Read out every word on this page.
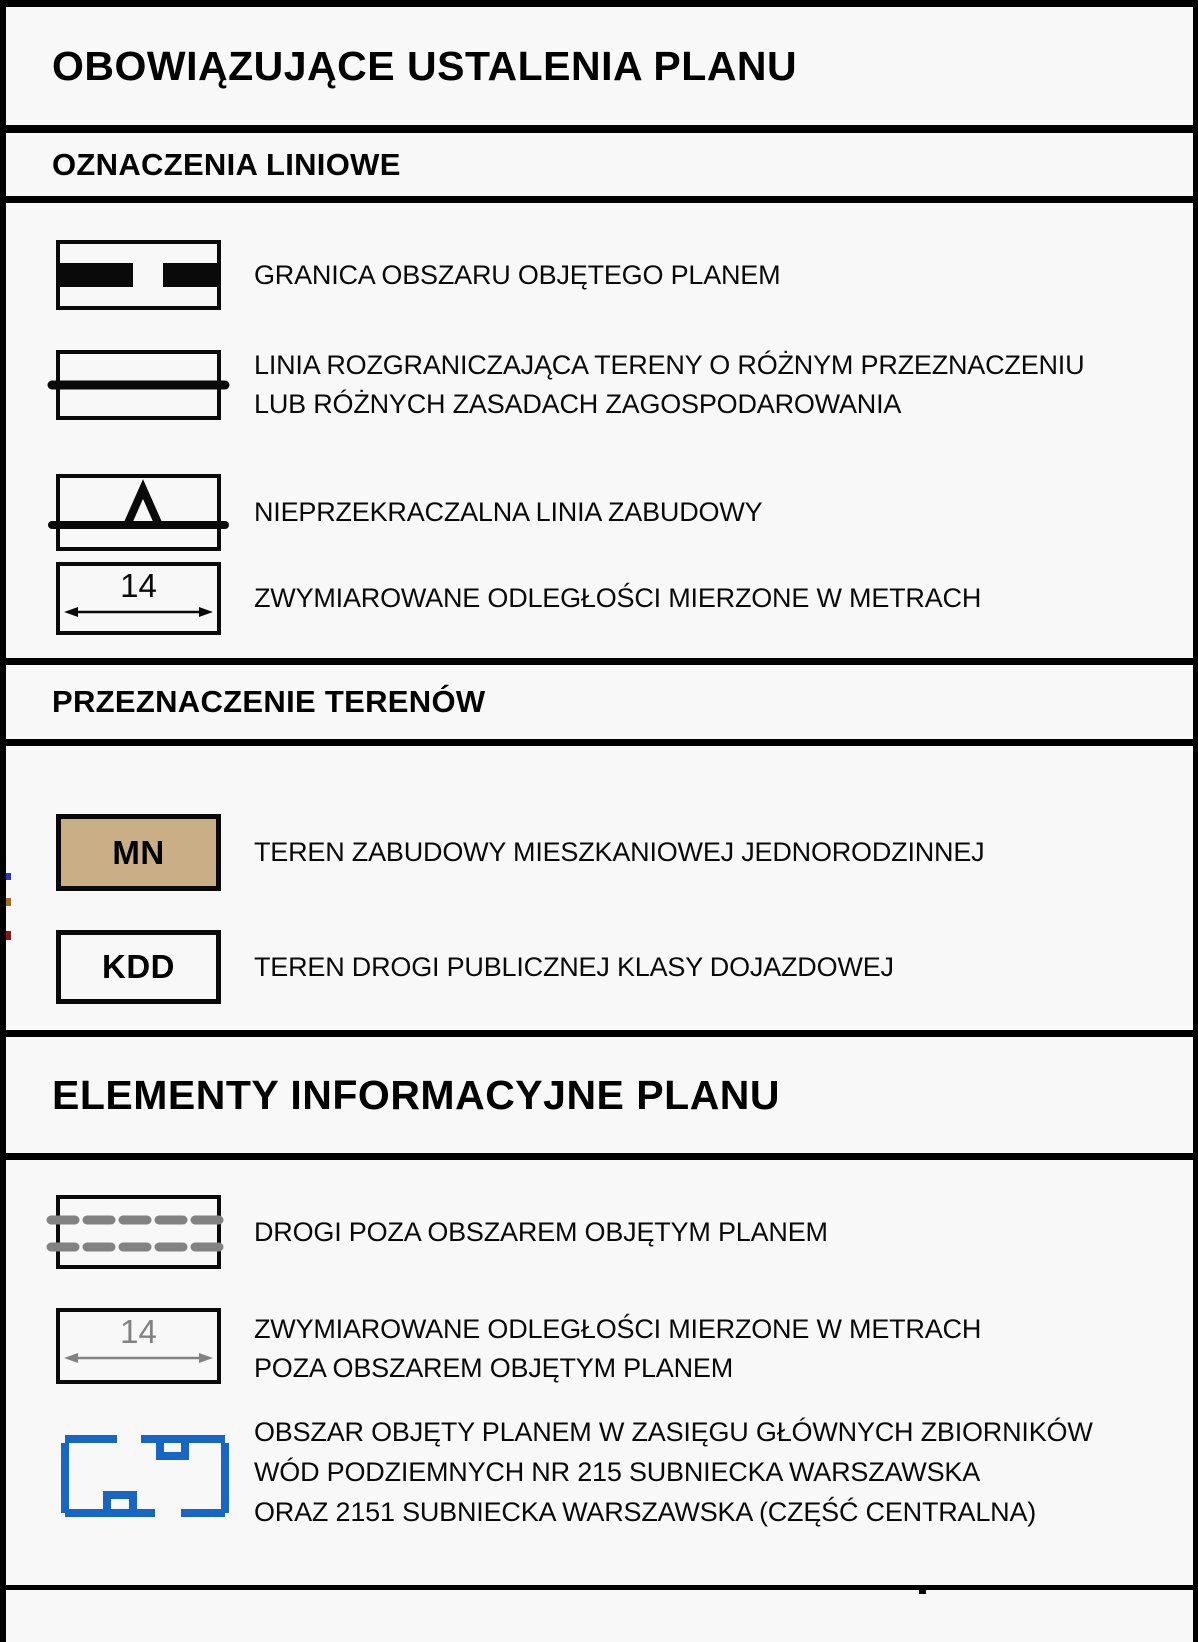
OBOWIĄZUJĄCE USTALENIA PLANU
OZNACZENIA LINIOWE
GRANICA OBSZARU OBJĘTEGO PLANEM
LINIA ROZGRANICZAJĄCA TERENY O RÓŻNYM PRZEZNACZENIU
LUB RÓŻNYCH ZASADACH ZAGOSPODAROWANIA
NIEPRZEKRACZALNA LINIA ZABUDOWY
14	ZWYMIAROWANE ODLEGŁOŚCI MIERZONE W METRACH
PRZEZNACZENIE TERENÓW
MN	TEREN ZABUDOWY MIESZKANIOWEJ JEDNORODZINNEJ
KDD	TEREN DROGI PUBLICZNEJ KLASY DOJAZDOWEJ
ELEMENTY INFORMACYJNE PLANU
DROGI POZA OBSZAREM OBJĘTYM PLANEM
14	ZWYMIAROWANE ODLEGŁOŚCI MIERZONE W METRACH
POZA OBSZAREM OBJĘTYM PLANEM
OBSZAR OBJĘTY PLANEM W ZASIĘGU GŁÓWNYCH ZBIORNIKÓW
WÓD PODZIEMNYCH NR 215 SUBNIECKA WARSZAWSKA
ORAZ 2151 SUBNIECKA WARSZAWSKA (CZĘŚĆ CENTRALNA)
